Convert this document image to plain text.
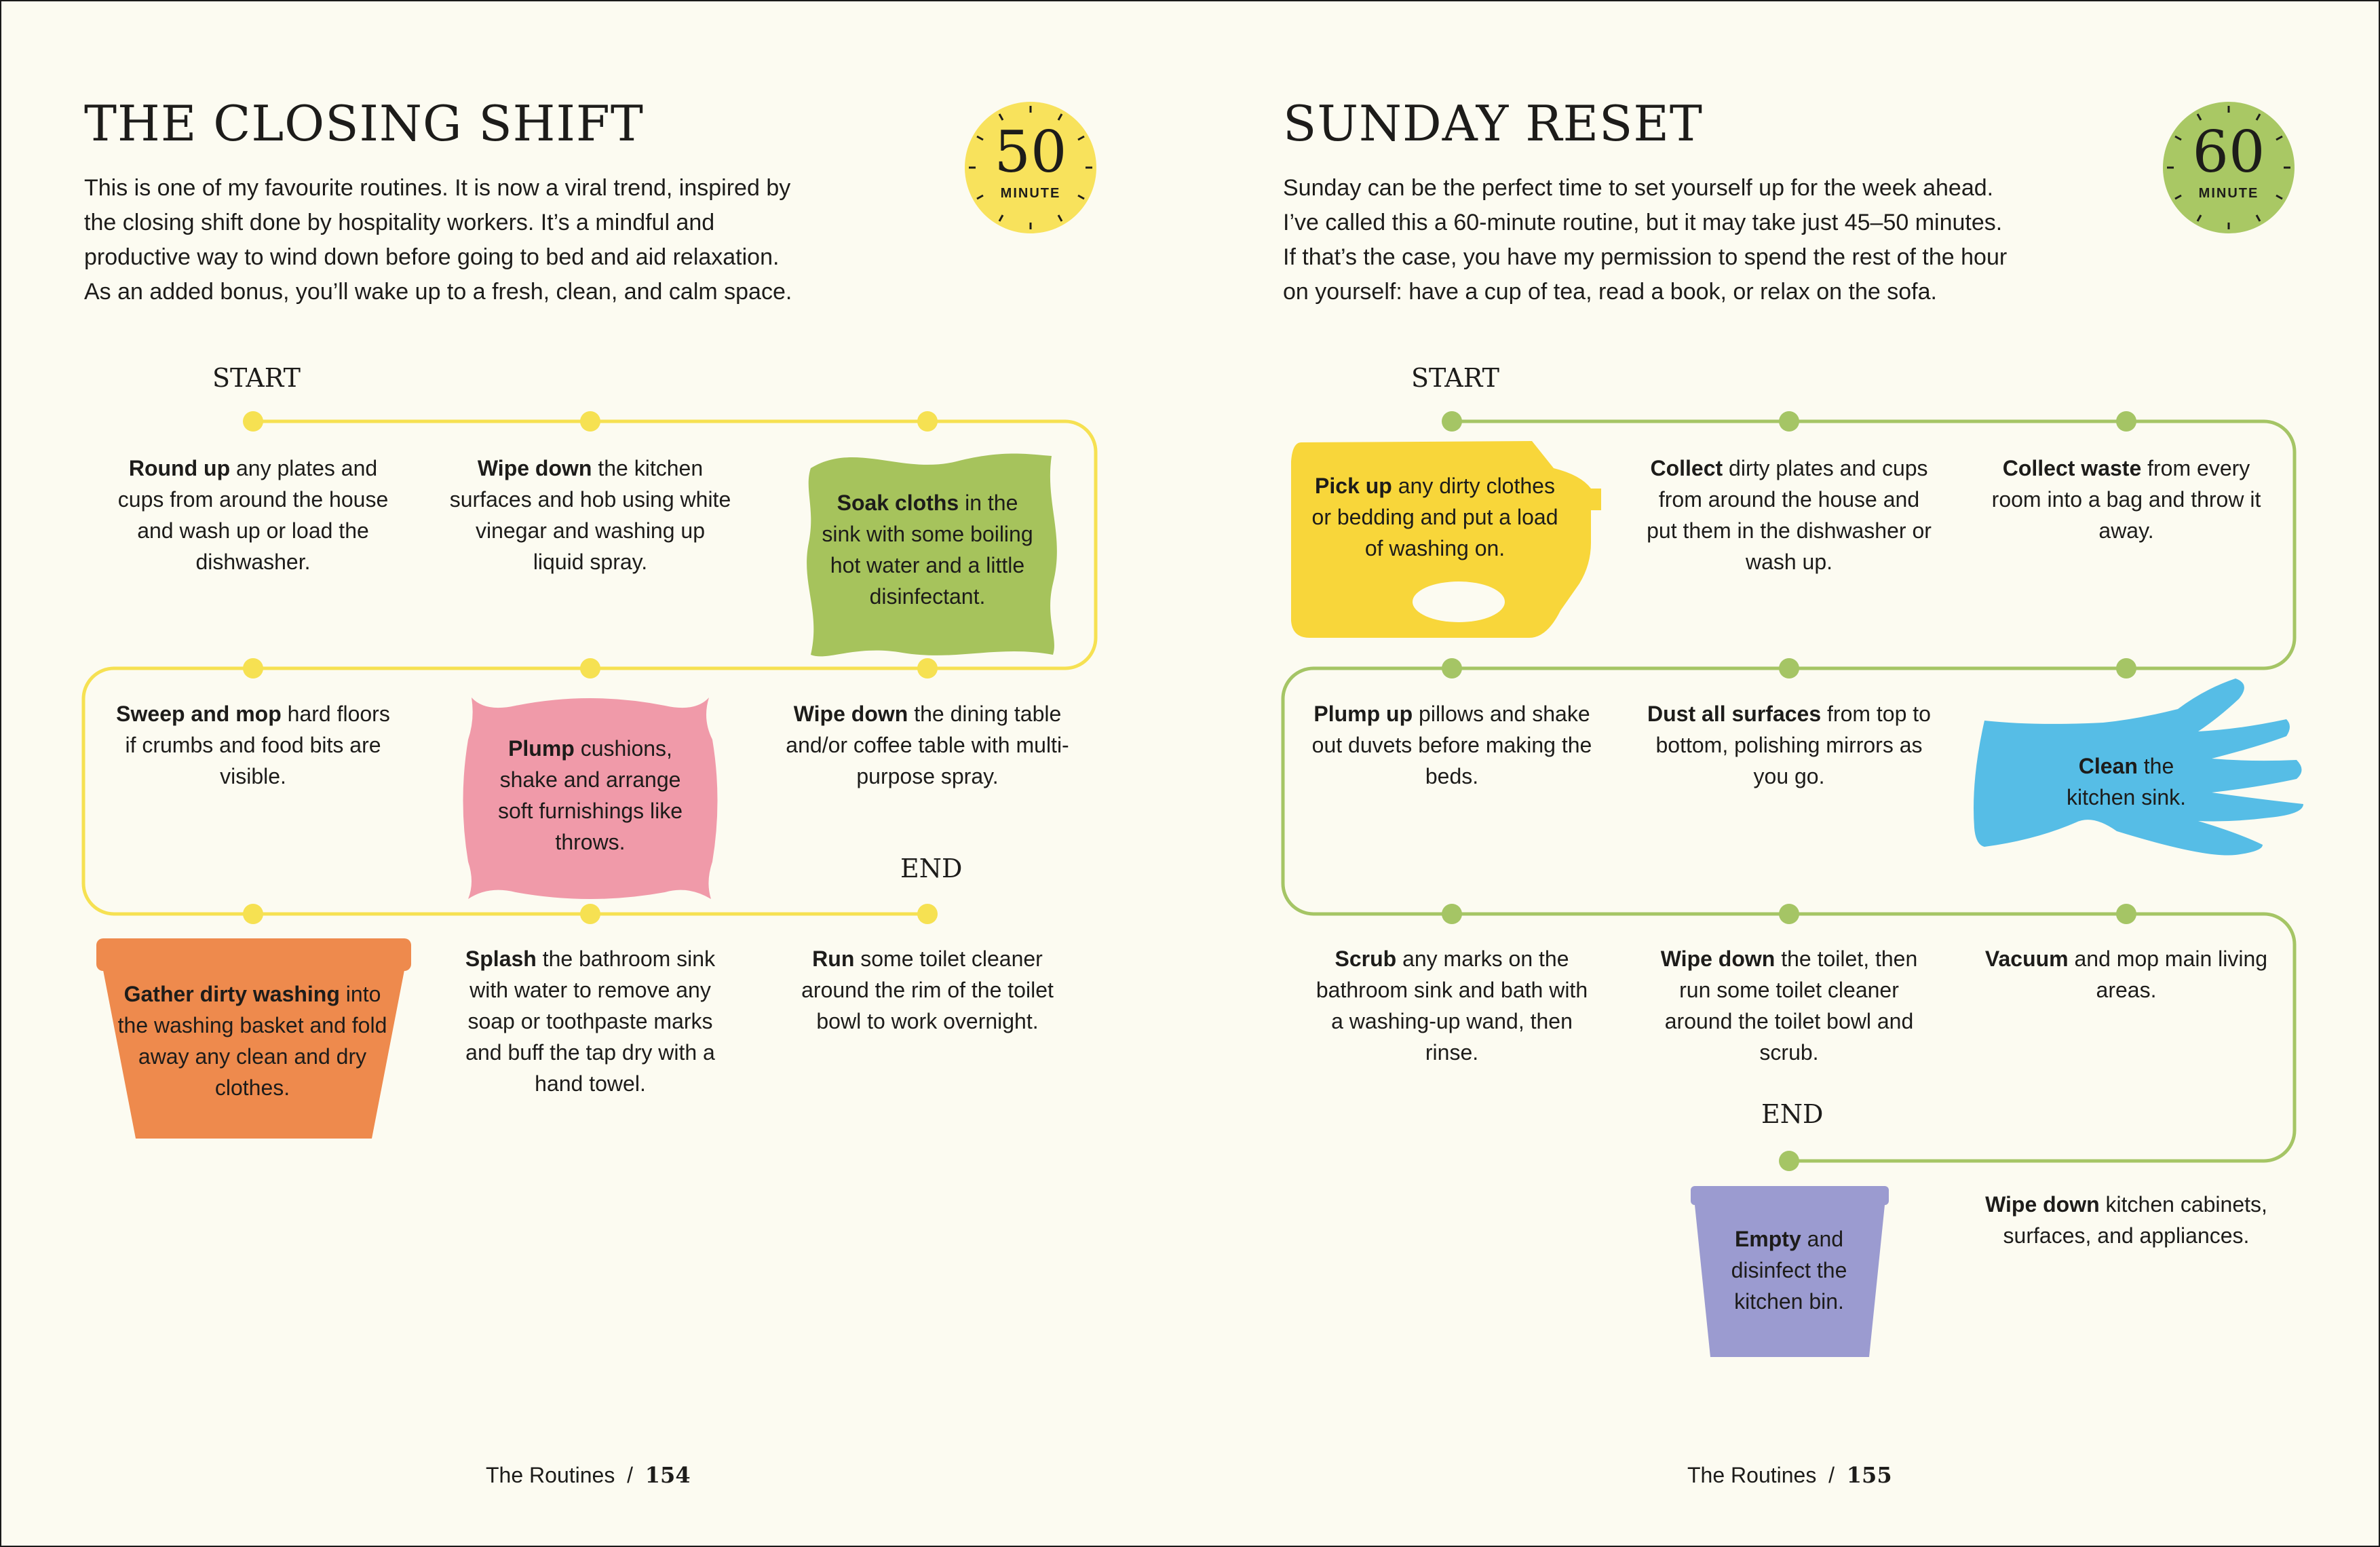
THE CLOSING SHIFT
This is one of my favourite routines. It is now a viral trend, inspired by
the closing shift done by hospitality workers. It’s a mindful and
productive way to wind down before going to bed and aid relaxation.
As an added bonus, you’ll wake up to a fresh, clean, and calm space.
50
MINUTE
START
END
Round up any plates and cups from around the house and wash up or load the dishwasher.
Wipe down the kitchen surfaces and hob using white vinegar and washing up liquid spray.
Soak cloths in the sink with some boiling hot water and a little disinfectant.
Sweep and mop hard floors if crumbs and food bits are visible.
Plump cushions, shake and arrange soft furnishings like throws.
Wipe down the dining table and/or coffee table with multi-purpose spray.
Gather dirty washing into the washing basket and fold away any clean and dry clothes.
Splash the bathroom sink with water to remove any soap or toothpaste marks and buff the tap dry with a hand towel.
Run some toilet cleaner around the rim of the toilet bowl to work overnight.
The Routines / 154
SUNDAY RESET
Sunday can be the perfect time to set yourself up for the week ahead.
I’ve called this a 60-minute routine, but it may take just 45–50 minutes.
If that’s the case, you have my permission to spend the rest of the hour
on yourself: have a cup of tea, read a book, or relax on the sofa.
60
MINUTE
START
END
Pick up any dirty clothes or bedding and put a load of washing on.
Collect dirty plates and cups from around the house and put them in the dishwasher or wash up.
Collect waste from every room into a bag and throw it away.
Plump up pillows and shake out duvets before making the beds.
Dust all surfaces from top to bottom, polishing mirrors as you go.	Clean the kitchen sink.
Scrub any marks on the bathroom sink and bath with a washing-up wand, then rinse.
Wipe down the toilet, then run some toilet cleaner around the toilet bowl and scrub.
Vacuum and mop main living areas.
Wipe down kitchen cabinets, surfaces, and appliances.
Empty and disinfect the kitchen bin.
The Routines / 155
